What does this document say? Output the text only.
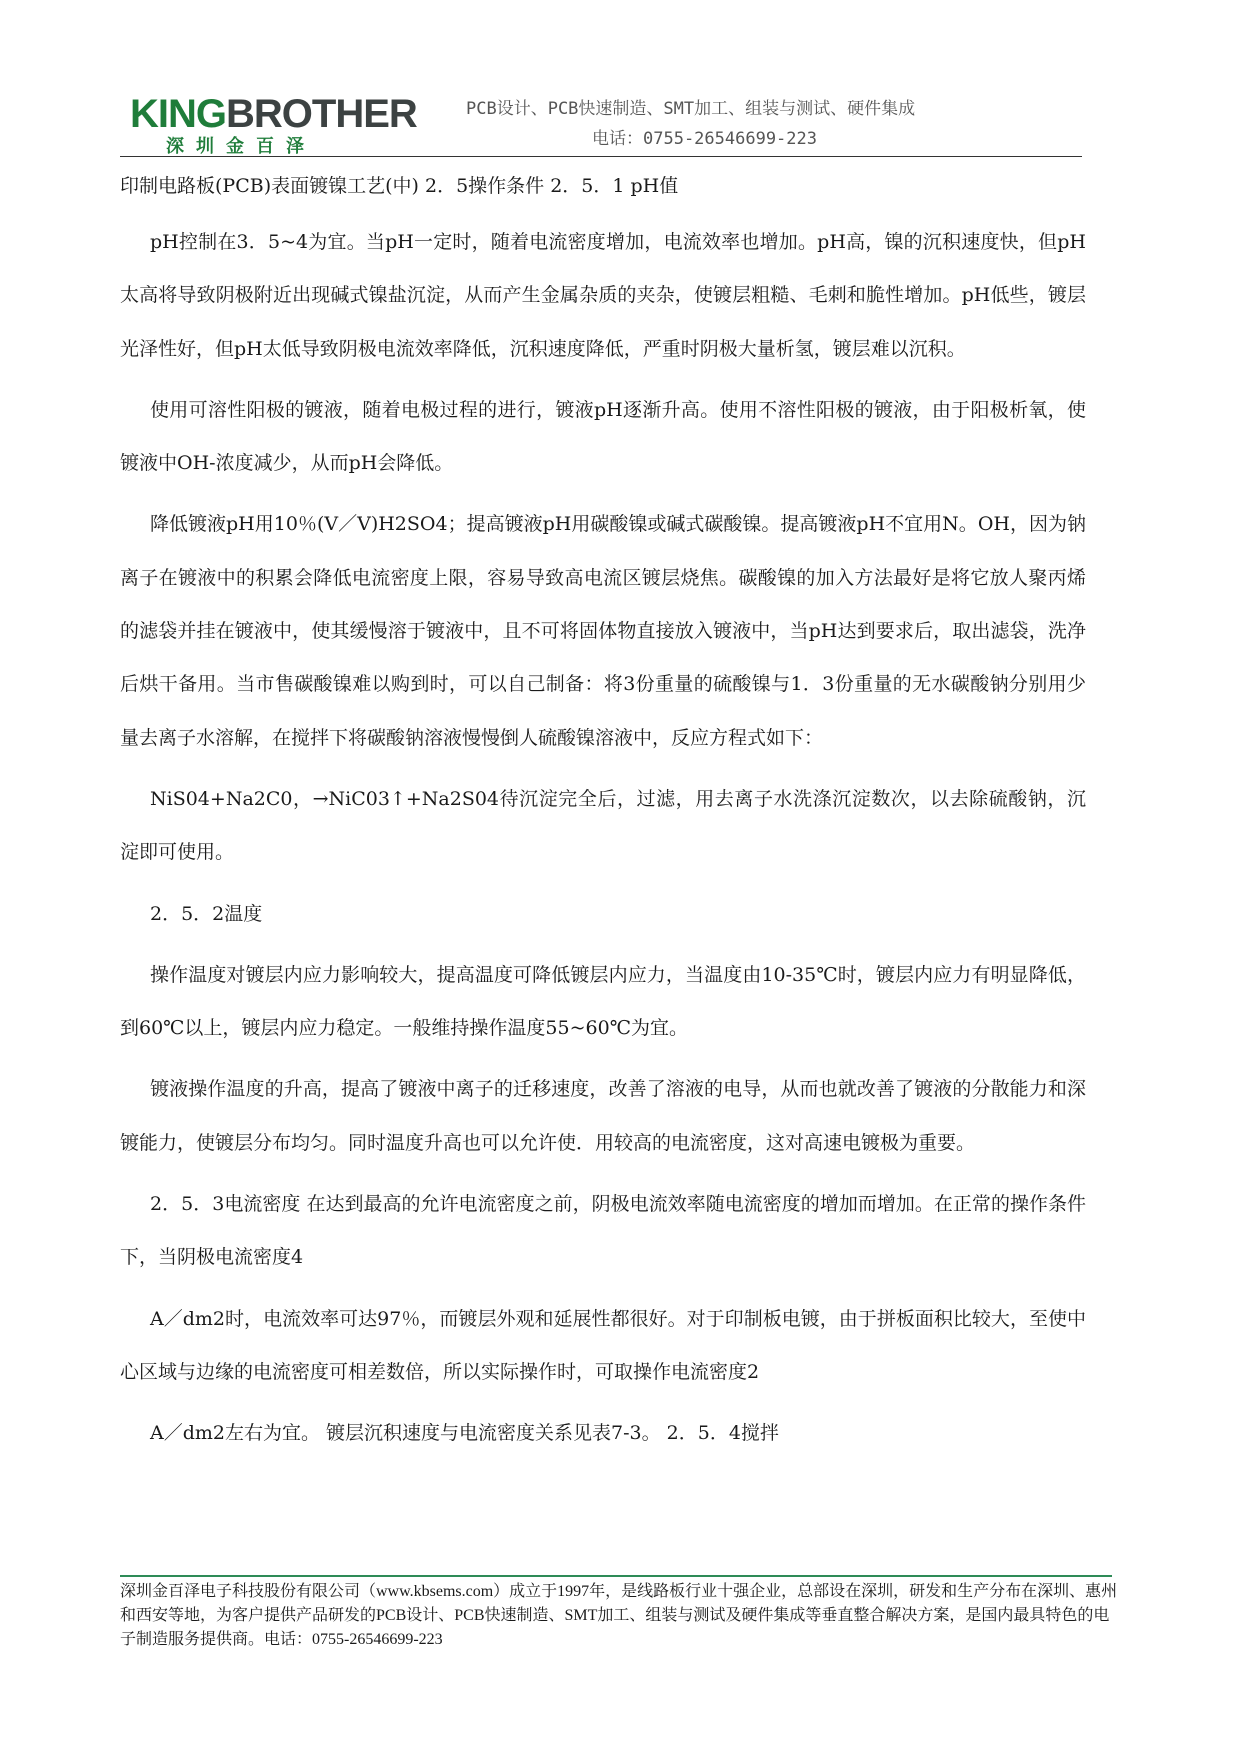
KINGBROTHER
深圳金百泽
PCB设计、PCB快速制造、SMT加工、组装与测试、硬件集成
电话：0755-26546699-223
印制电路板(PCB)表面镀镍工艺(中) 2．5操作条件 2．5．1 pH值

pH控制在3．5~4为宜。当pH一定时，随着电流密度增加，电流效率也增加。pH高，镍的沉积速度快，但pH太高将导致阴极附近出现碱式镍盐沉淀，从而产生金属杂质的夹杂，使镀层粗糙、毛刺和脆性增加。pH低些，镀层光泽性好，但pH太低导致阴极电流效率降低，沉积速度降低，严重时阴极大量析氢，镀层难以沉积。

使用可溶性阳极的镀液，随着电极过程的进行，镀液pH逐渐升高。使用不溶性阳极的镀液，由于阳极析氧，使镀液中OH-浓度减少，从而pH会降低。

降低镀液pH用10％(V／V)H2SO4；提高镀液pH用碳酸镍或碱式碳酸镍。提高镀液pH不宜用N。OH，因为钠离子在镀液中的积累会降低电流密度上限，容易导致高电流区镀层烧焦。碳酸镍的加入方法最好是将它放人聚丙烯的滤袋并挂在镀液中，使其缓慢溶于镀液中，且不可将固体物直接放入镀液中，当pH达到要求后，取出滤袋，洗净后烘干备用。当市售碳酸镍难以购到时，可以自己制备：将3份重量的硫酸镍与1．3份重量的无水碳酸钠分别用少量去离子水溶解，在搅拌下将碳酸钠溶液慢慢倒人硫酸镍溶液中，反应方程式如下：

NiS04+Na2C0，→NiC03↑+Na2S04待沉淀完全后，过滤，用去离子水洗涤沉淀数次，以去除硫酸钠，沉淀即可使用。

2．5．2温度

操作温度对镀层内应力影响较大，提高温度可降低镀层内应力，当温度由10-35℃时，镀层内应力有明显降低，到60℃以上，镀层内应力稳定。一般维持操作温度55~60℃为宜。

镀液操作温度的升高，提高了镀液中离子的迁移速度，改善了溶液的电导，从而也就改善了镀液的分散能力和深镀能力，使镀层分布均匀。同时温度升高也可以允许使．用较高的电流密度，这对高速电镀极为重要。

2．5．3电流密度 在达到最高的允许电流密度之前，阴极电流效率随电流密度的增加而增加。在正常的操作条件下，当阴极电流密度4

A／dm2时，电流效率可达97％，而镀层外观和延展性都很好。对于印制板电镀，由于拼板面积比较大，至使中心区域与边缘的电流密度可相差数倍，所以实际操作时，可取操作电流密度2

A／dm2左右为宜。 镀层沉积速度与电流密度关系见表7-3。 2．5．4搅拌

深圳金百泽电子科技股份有限公司（www.kbsems.com）成立于1997年，是线路板行业十强企业，总部设在深圳，研发和生产分布在深圳、惠州和西安等地，为客户提供产品研发的PCB设计、PCB快速制造、SMT加工、组装与测试及硬件集成等垂直整合解决方案，是国内最具特色的电子制造服务提供商。电话：0755-26546699-223
